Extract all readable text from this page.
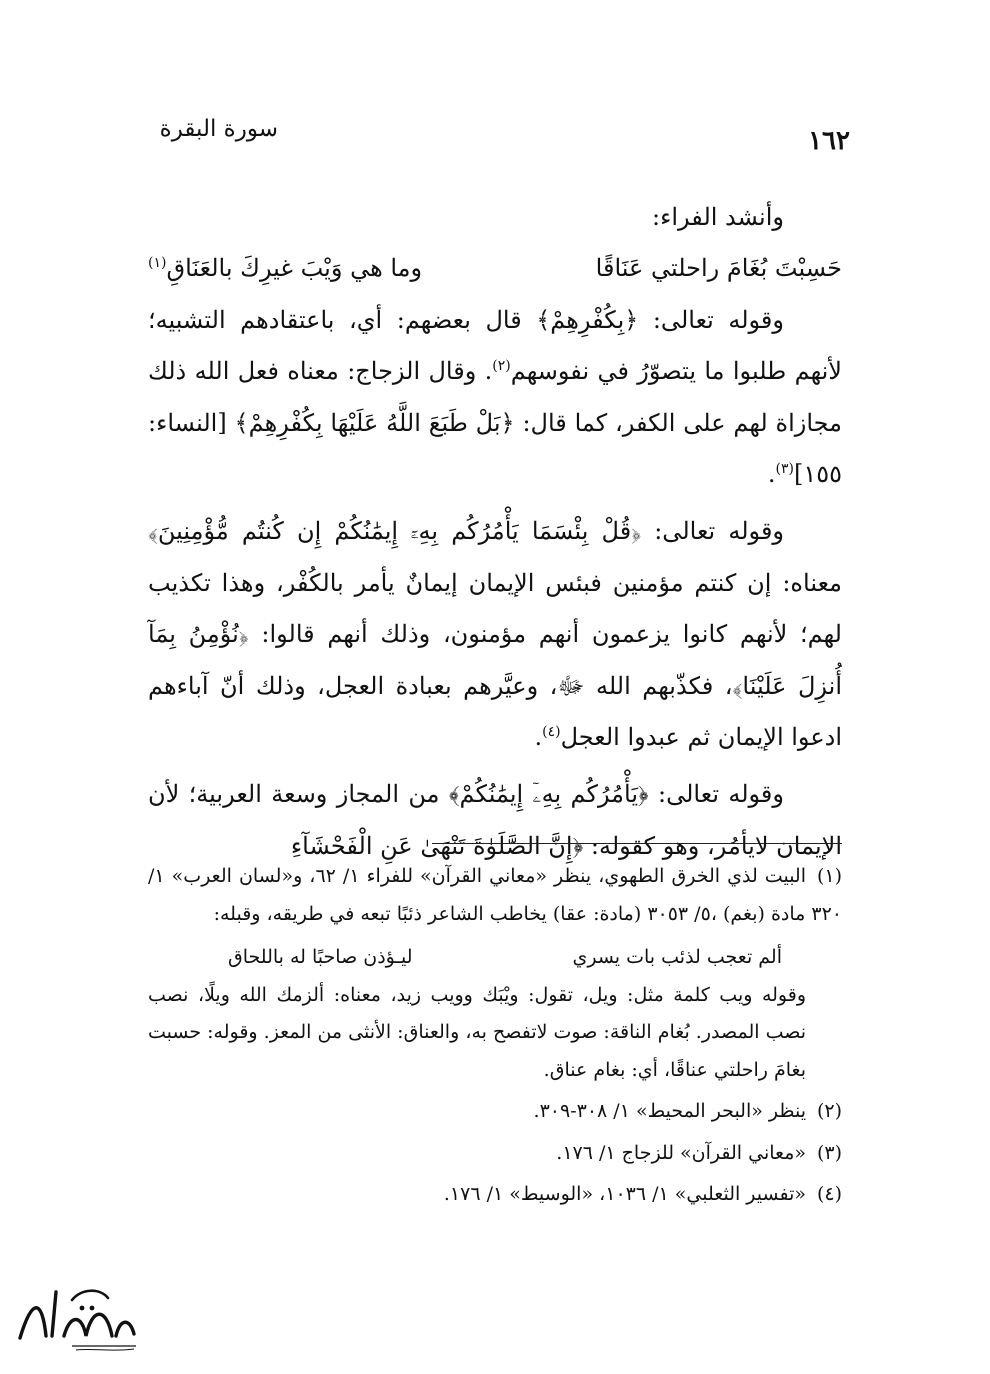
سورة البقرة	١٦٢

وأنشد الفراء:

حَسِبْتَ بُغَامَ راحلتي عَنَاقًا
وما هي وَيْبَ غيرِكَ بالعَنَاقِ$^{(١)}$

وقوله تعالى: ﴿بِكُفْرِهِمْ﴾ قال بعضهم: أي، باعتقادهم التشبيه؛ لأنهم طلبوا ما يتصوّرُ في نفوسهم$^{(٢)}$. وقال الزجاج: معناه فعل الله ذلك مجازاة لهم على الكفر، كما قال: ﴿بَلْ طَبَعَ اللَّهُ عَلَيْهَا بِكُفْرِهِمْ﴾ [النساء: ١٥٥]$^{(٣)}$.

وقوله تعالى: ﴿قُلْ بِئْسَمَا يَأْمُرُكُم بِهِۦٓ إِيمَٰنُكُمْ إِن كُنتُم مُّؤْمِنِينَ﴾ معناه: إن كنتم مؤمنين فبئس الإيمان إيمانٌ يأمر بالكُفْر، وهذا تكذيب لهم؛ لأنهم كانوا يزعمون أنهم مؤمنون، وذلك أنهم قالوا: ﴿نُؤْمِنُ بِمَآ أُنزِلَ عَلَيْنَا﴾، فكذّبهم الله ﷻ، وعيَّرهم بعبادة العجل، وذلك أنّ آباءهم ادعوا الإيمان ثم عبدوا العجل$^{(٤)}$.

وقوله تعالى: ﴿يَأْمُرُكُم بِهِۦٓ إِيمَٰنُكُمْ﴾ من المجاز وسعة العربية؛ لأن الإيمان لايأمُر، وهو كقوله: ﴿إِنَّ الصَّلَوٰةَ تَنْهَىٰ عَنِ الْفَحْشَآءِ

(١)البيت لذي الخرق الطهوي، ينظر «معاني القرآن» للفراء ١/ ٦٢، و«لسان العرب» ١/ ٣٢٠ مادة (بغم) ،٥/ ٣٠٥٣ (مادة: عقا) يخاطب الشاعر ذئبًا تبعه في طريقه، وقبله:

ألم تعجب لذئب بات يسري
ليـؤذن صاحبًا له باللحاق

وقوله ويب كلمة مثل: ويل، تقول: ويْبَك وويب زيد، معناه: ألزمك الله ويلًا، نصب نصب المصدر. بُغام الناقة: صوت لاتفصح به، والعناق: الأنثى من المعز. وقوله: حسبت بغامَ راحلتي عناقًا، أي: بغام عناق.

(٢)ينظر «البحر المحيط» ١/ ٣٠٨-٣٠٩.

(٣)«معاني القرآن» للزجاج ١/ ١٧٦.

(٤)«تفسير الثعلبي» ١/ ١٠٣٦، «الوسيط» ١/ ١٧٦.
